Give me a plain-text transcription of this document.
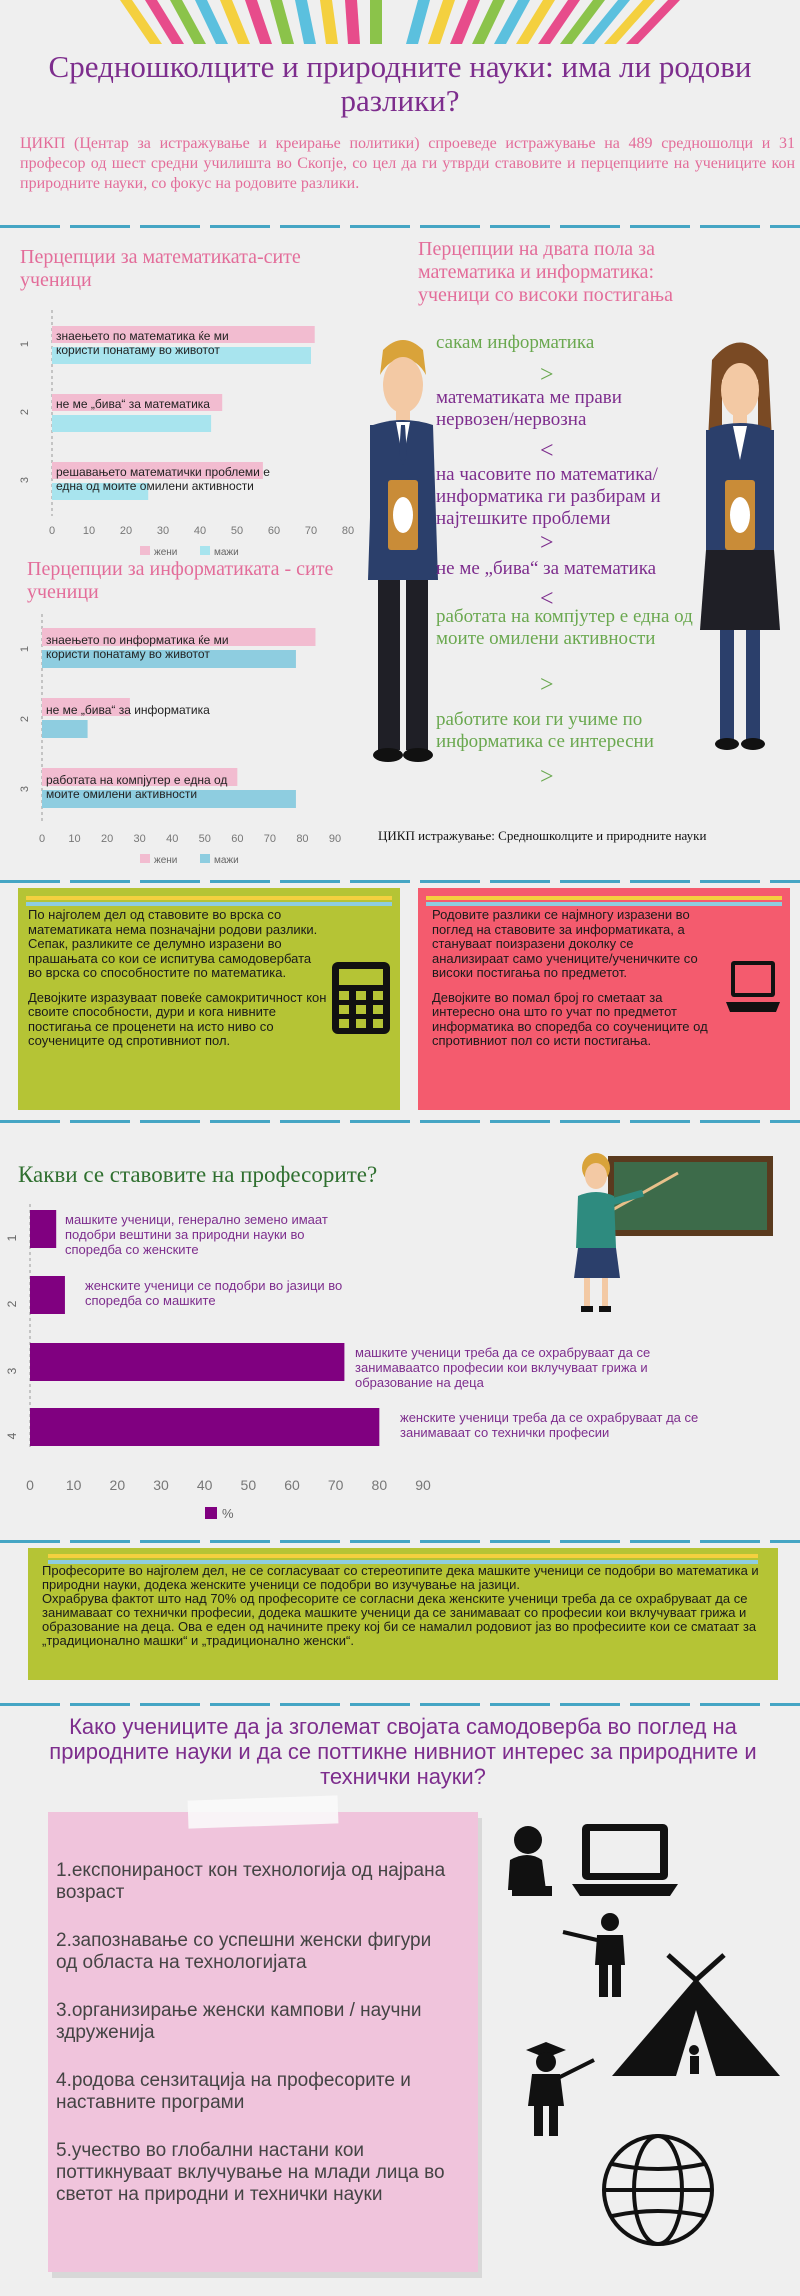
Средношколците и природните науки: има ли родови разлики?
ЦИКП (Центар за истражување и креирање политики) спроеведе истражување на 489 средношолци и 31 професор од шест средни училишта во Скопје, со цел да ги утврди ставовите и перцепциите на учениците кон природните науки, со фокус на родовите разлики.
Перцепции за математиката-сите ученици
1
знаењето по математика ќе ми користи понатаму во животот
2
не ме „бива“ за математика
3
решавањето математички проблеми е една од моите омилени активности
0	10 20 30 40 50 60 70 80
жени	мажи
Перцепции за информатиката - сите ученици
1
знаењето по информатика ќе ми користи понатаму во животот
2
не ме „бива“ за информатика
3
работата на компјутер е една од моите омилени активности
0 10 20 30 40 50 60 70 80 90
жени	мажи
Перцепции на двата пола за математика и информатика: ученици со високи постигања
сакам информатика
>
математиката ме прави нервозен/нервозна
<
на часовите по математика/информатика ги разбирам и најтешките проблеми
>
не ме „бива“ за математика
<
работата на компјутер е една од моите омилени активности
>
работите кои ги учиме по информатика се интересни
>
ЦИКП истражување: Средношколците и природните науки

По најголем дел од ставовите во врска со математиката нема позначајни родови разлики. Сепак, разликите се делумно изразени во прашањата со кои се испитува самодовербата во врска со способностите по математика.

Девојките изразуваат повеќе самокритичност кон своите способности, дури и кога нивните постигања се проценети на исто ниво со соучениците од спротивниот пол.

Родовите разлики се најмногу изразени во поглед на ставовите за информатиката, а стануваат поизразени доколку се анализираат само учениците/ученичките со високи постигања по предметот.

Девојките во помал број го сметаат за интересно она што го учат по предметот информатика во споредба со соучениците од спротивниот пол со исти постигања.

Какви се ставовите на професорите?
1
машките ученици, генерално земено имаат подобри вештини за природни науки во споредба со женските
2
женските ученици се подобри во јазици во споредба со машките
3
машките ученици треба да се охрабруваат да се занимаваатсо професии кои вклучуваат грижа и образование на деца
4
женските ученици треба да се охрабруваат да се занимаваат со технички професии
0 10 20 30 40 50 60 70 80 90
%
Професорите во најголем дел, не се согласуваат со стереотипите дека машките ученици се подобри во математика и природни науки, додека женските ученици се подобри во изучување на јазици.
Охрабрува фактот што над 70% од професорите се согласни дека женските ученици треба да се охрабруваат да се занимаваат со технички професии, додека машките ученици да се занимаваат со професии кои вклучуваат грижа и образование на деца. Ова е еден од начините преку кој би се намалил родовиот јаз во професиите кои се сматаат за „традиционално машки“ и „традиционално женски“.
Како учениците да ја зголемат својата самодоверба во поглед на природните науки и да се поттикне нивниот интерес за природните и технички науки?
1.експонираност кон технологија од најрана возраст
2.запознавање со успешни женски фигури од областа на технологијата
3.организирање женски кампови / научни здружениja
4.родова сензитација на професорите и наставните програми
5.учество во глобални настани кои поттикнуваат вклучување на млади лица во светот на природни и технички науки
